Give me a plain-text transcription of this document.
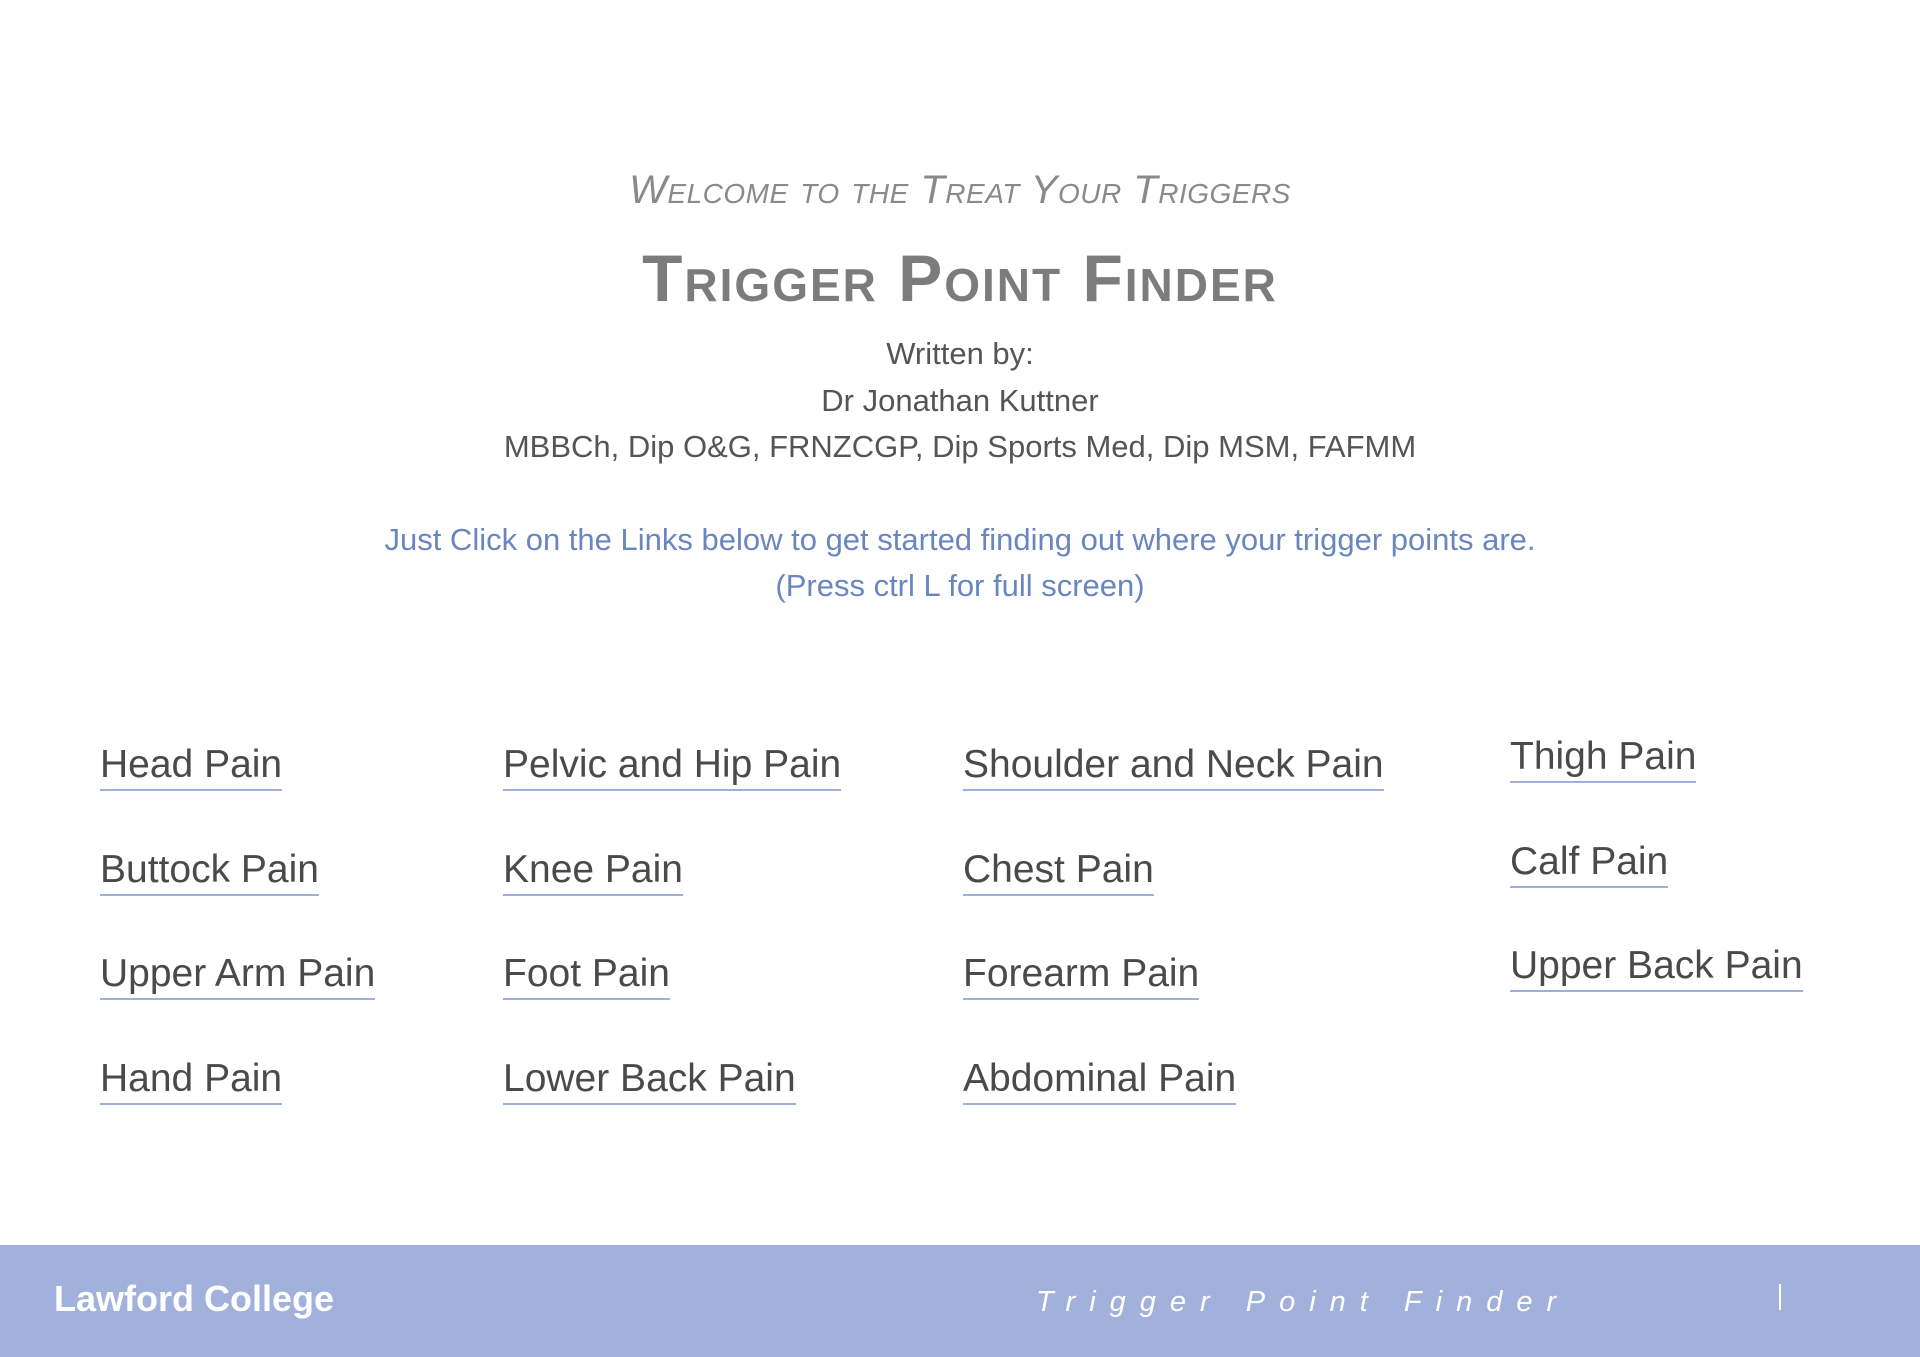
Welcome to the Treat Your Triggers
Trigger Point Finder
Written by:
Dr Jonathan Kuttner
MBBCh, Dip O&G, FRNZCGP, Dip Sports Med, Dip MSM, FAFMM
Just Click on the Links below to get started finding out where your trigger points are.
(Press ctrl L for full screen)
Head Pain
Buttock Pain
Upper Arm Pain
Hand Pain
Pelvic and Hip Pain
Knee Pain
Foot Pain
Lower Back Pain
Shoulder and Neck Pain
Chest Pain
Forearm Pain
Abdominal Pain
Thigh Pain
Calf Pain
Upper Back Pain
Lawford College	Trigger Point Finder
